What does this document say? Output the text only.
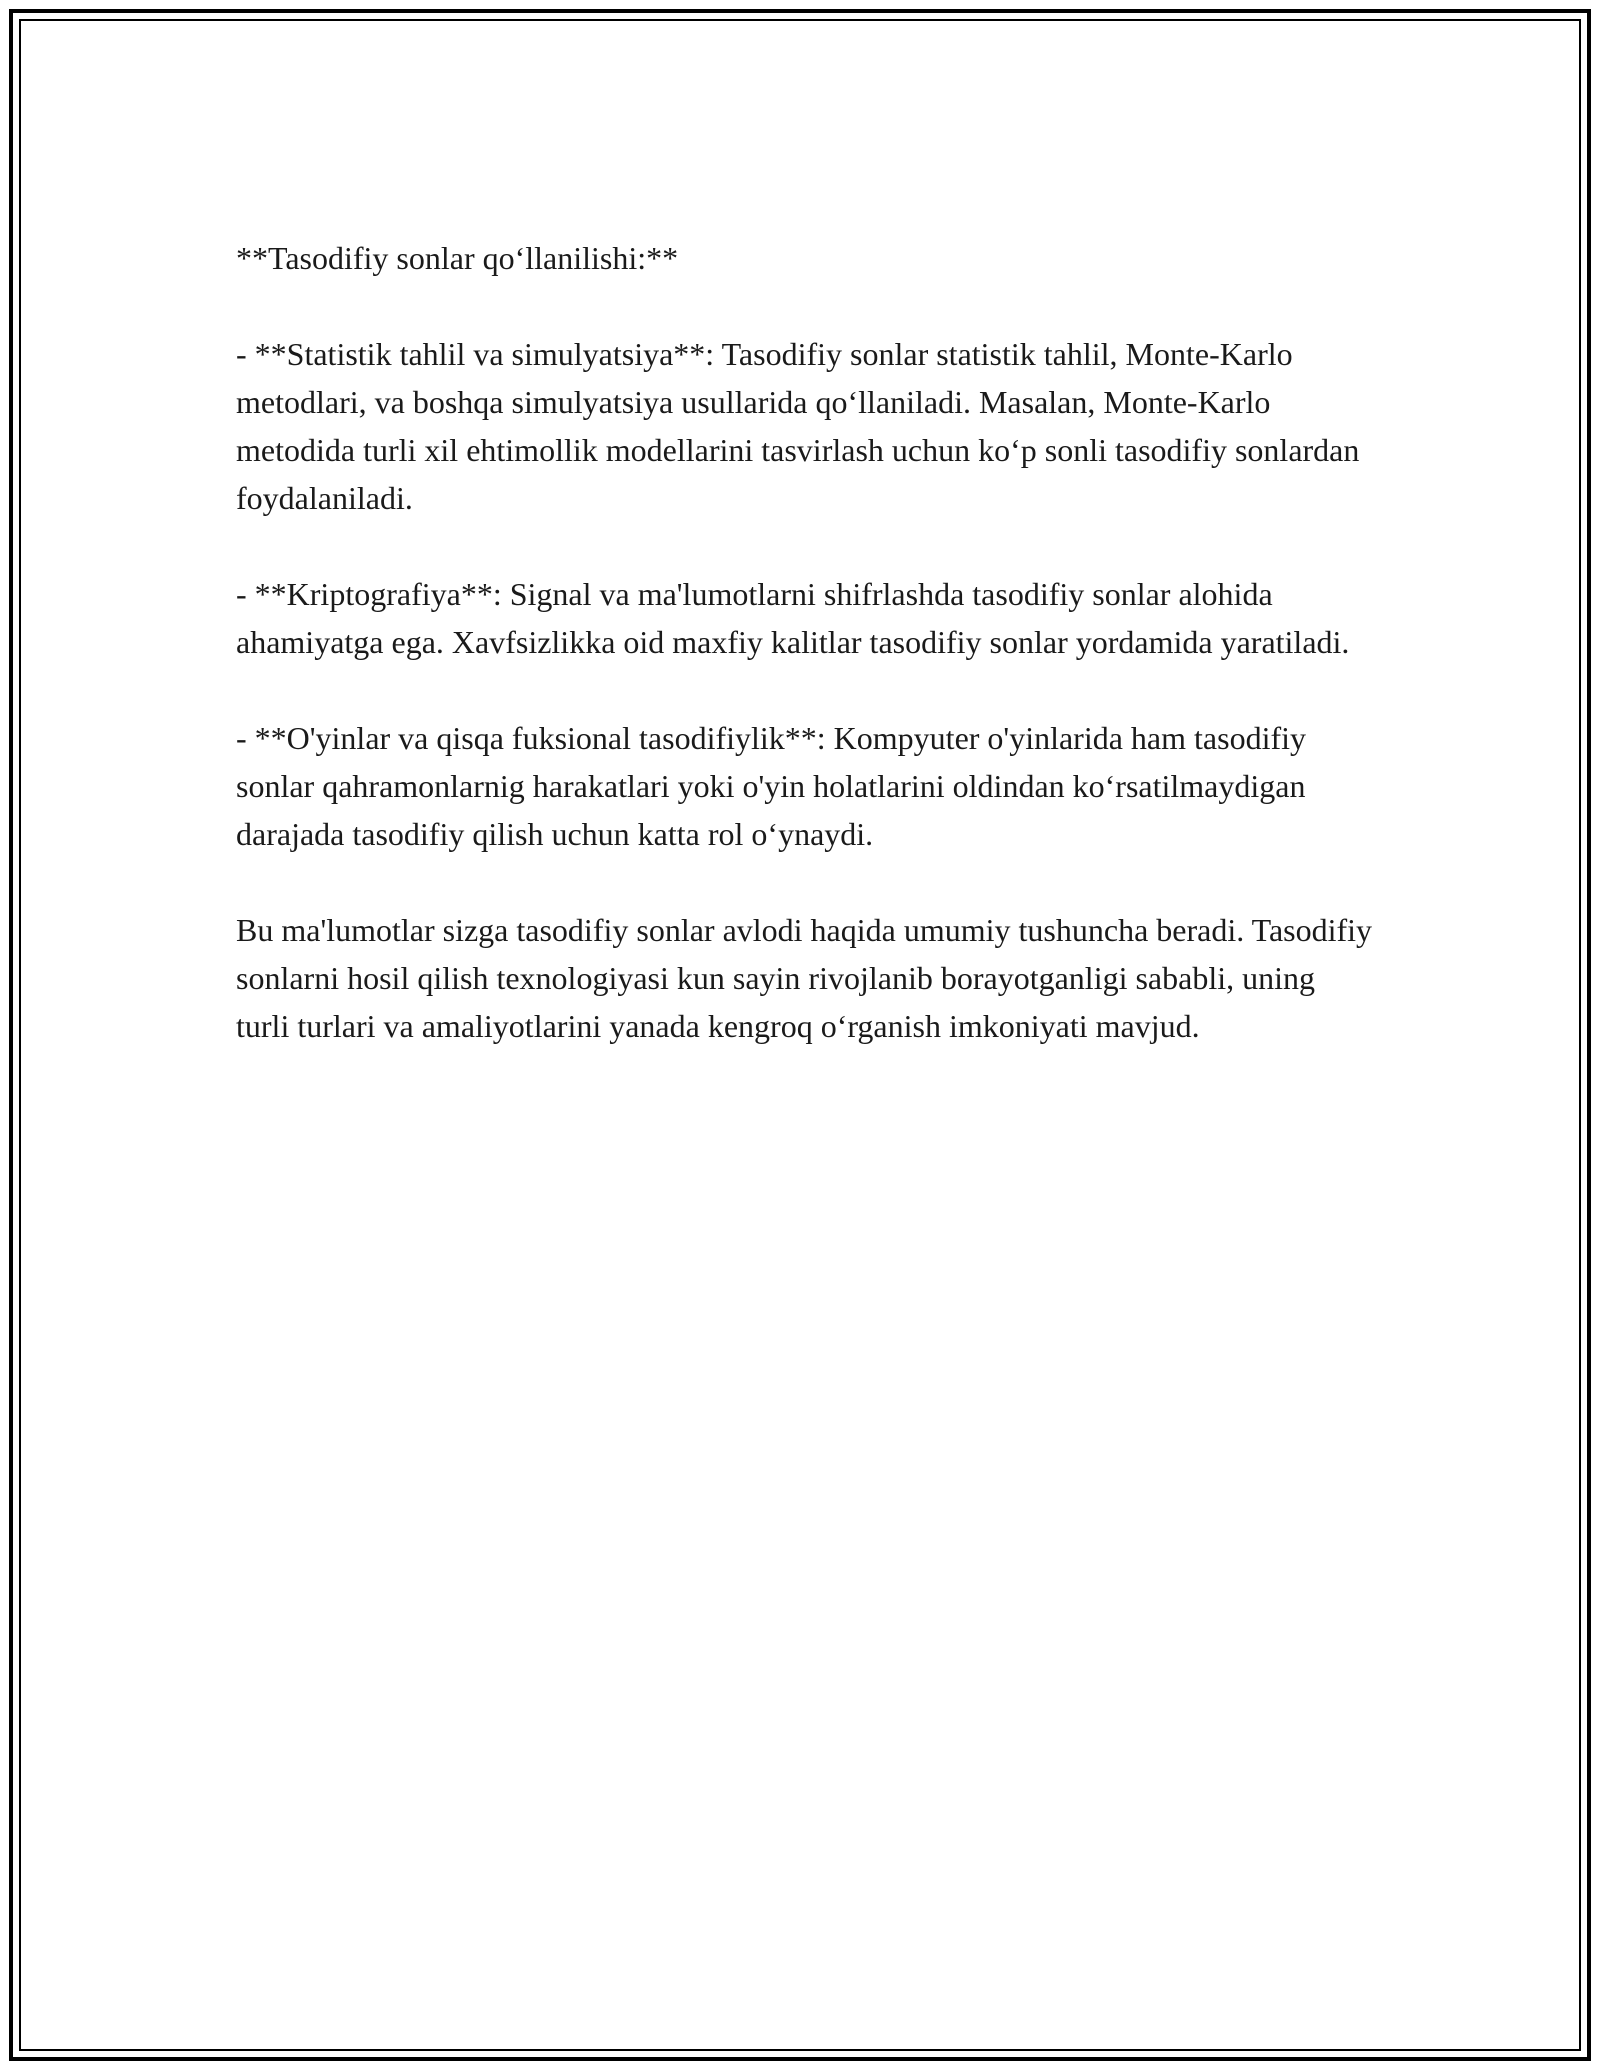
**Tasodifiy sonlar qo‘llanilishi:**

- **Statistik tahlil va simulyatsiya**: Tasodifiy sonlar statistik tahlil, Monte-Karlo metodlari, va boshqa simulyatsiya usullarida qo‘llaniladi. Masalan, Monte-Karlo metodida turli xil ehtimollik modellarini tasvirlash uchun ko‘p sonli tasodifiy sonlardan foydalaniladi.

- **Kriptografiya**: Signal va ma'lumotlarni shifrlashda tasodifiy sonlar alohida ahamiyatga ega. Xavfsizlikka oid maxfiy kalitlar tasodifiy sonlar yordamida yaratiladi.

- **O'yinlar va qisqa fuksional tasodifiylik**: Kompyuter o'yinlarida ham tasodifiy sonlar qahramonlarnig harakatlari yoki o'yin holatlarini oldindan ko‘rsatilmaydigan darajada tasodifiy qilish uchun katta rol o‘ynaydi.

Bu ma'lumotlar sizga tasodifiy sonlar avlodi haqida umumiy tushuncha beradi. Tasodifiy sonlarni hosil qilish texnologiyasi kun sayin rivojlanib borayotganligi sababli, uning turli turlari va amaliyotlarini yanada kengroq o‘rganish imkoniyati mavjud.
